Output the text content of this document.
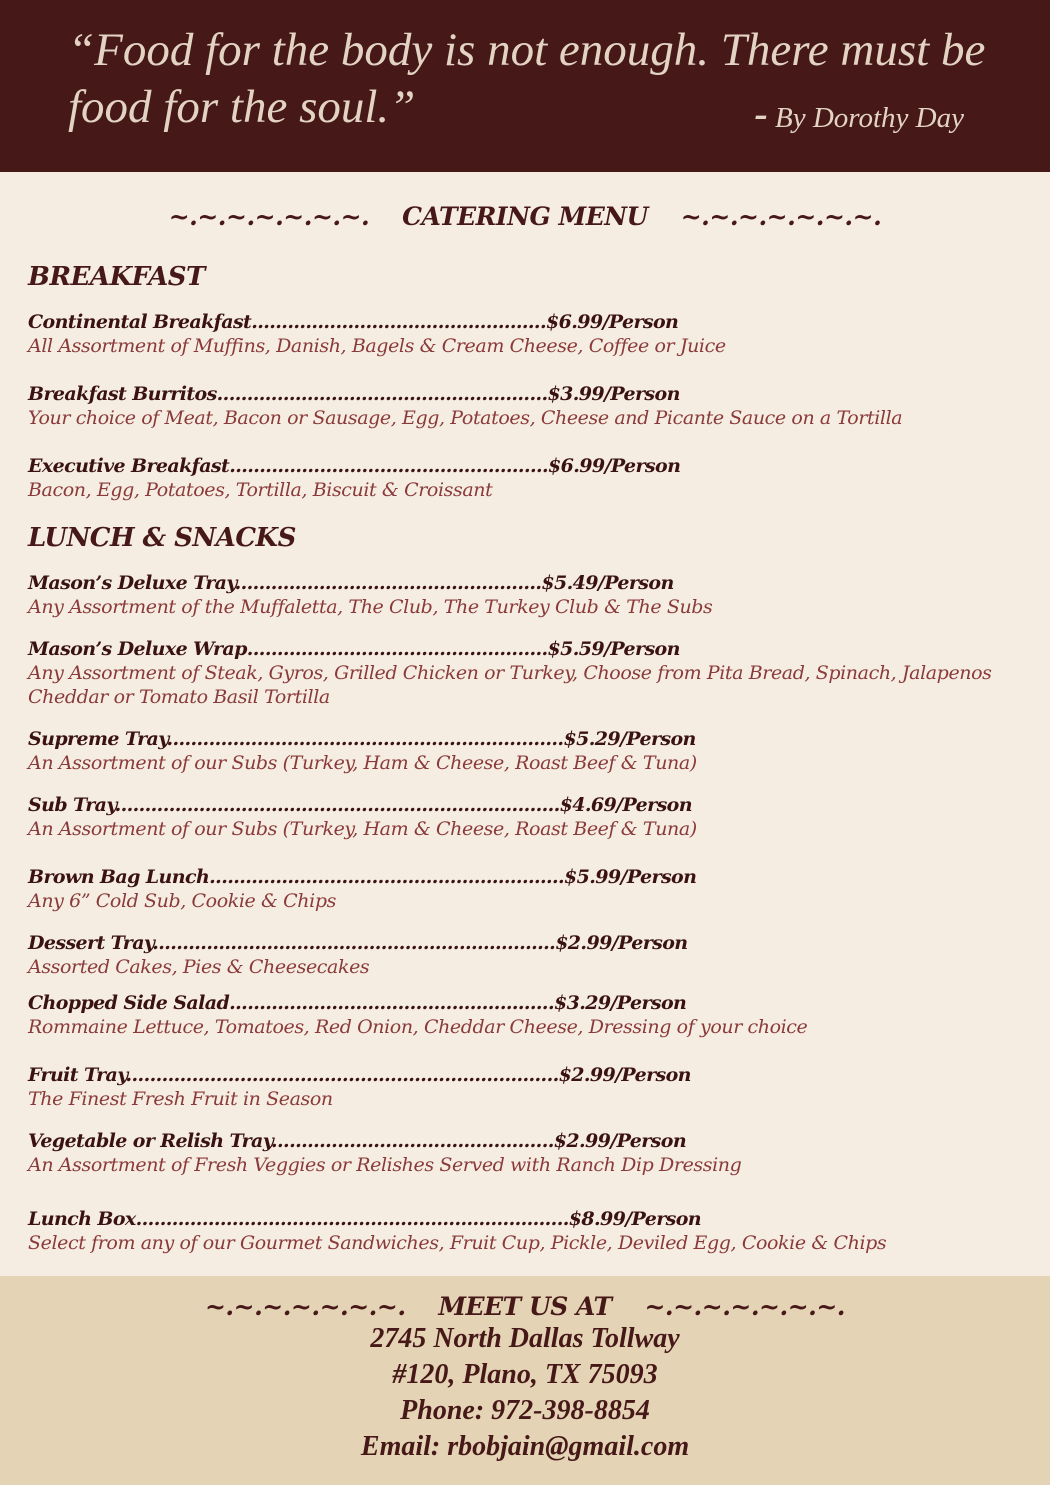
“Food for the body is not enough. There must be food for the soul.”	- By Dorothy Day
~.~.~.~.~.~.~.    CATERING MENU    ~.~.~.~.~.~.~.
BREAKFAST
Continental Breakfast.................................................$6.99/Person
All Assortment of Muffins, Danish, Bagels & Cream Cheese, Coffee or Juice
Breakfast Burritos.......................................................$3.99/Person
Your choice of Meat, Bacon or Sausage, Egg, Potatoes, Cheese and Picante Sauce on a Tortilla
Executive Breakfast.....................................................$6.99/Person
Bacon, Egg, Potatoes, Tortilla, Biscuit & Croissant
LUNCH & SNACKS
Mason’s Deluxe Tray...................................................$5.49/Person
Any Assortment of the Muffaletta, The Club, The Turkey Club & The Subs
Mason’s Deluxe Wrap..................................................$5.59/Person
Any Assortment of Steak, Gyros, Grilled Chicken or Turkey, Choose from Pita Bread, Spinach, Jalapenos Cheddar or Tomato Basil Tortilla
Supreme Tray..................................................................$5.29/Person
An Assortment of our Subs (Turkey, Ham & Cheese, Roast Beef & Tuna)
Sub Tray..........................................................................$4.69/Person
An Assortment of our Subs (Turkey, Ham & Cheese, Roast Beef & Tuna)
Brown Bag Lunch...........................................................$5.99/Person
Any 6” Cold Sub, Cookie & Chips
Dessert Tray...................................................................$2.99/Person
Assorted Cakes, Pies & Cheesecakes
Chopped Side Salad......................................................$3.29/Person
Rommaine Lettuce, Tomatoes, Red Onion, Cheddar Cheese, Dressing of your choice
Fruit Tray........................................................................$2.99/Person
The Finest Fresh Fruit in Season
Vegetable or Relish Tray...............................................$2.99/Person
An Assortment of Fresh Veggies or Relishes Served with Ranch Dip Dressing
Lunch Box........................................................................$8.99/Person
Select from any of our Gourmet Sandwiches, Fruit Cup, Pickle, Deviled Egg, Cookie & Chips
~.~.~.~.~.~.~.    MEET US AT    ~.~.~.~.~.~.~.
2745 North Dallas Tollway
#120, Plano, TX 75093
Phone: 972-398-8854
Email: rbobjain@gmail.com
